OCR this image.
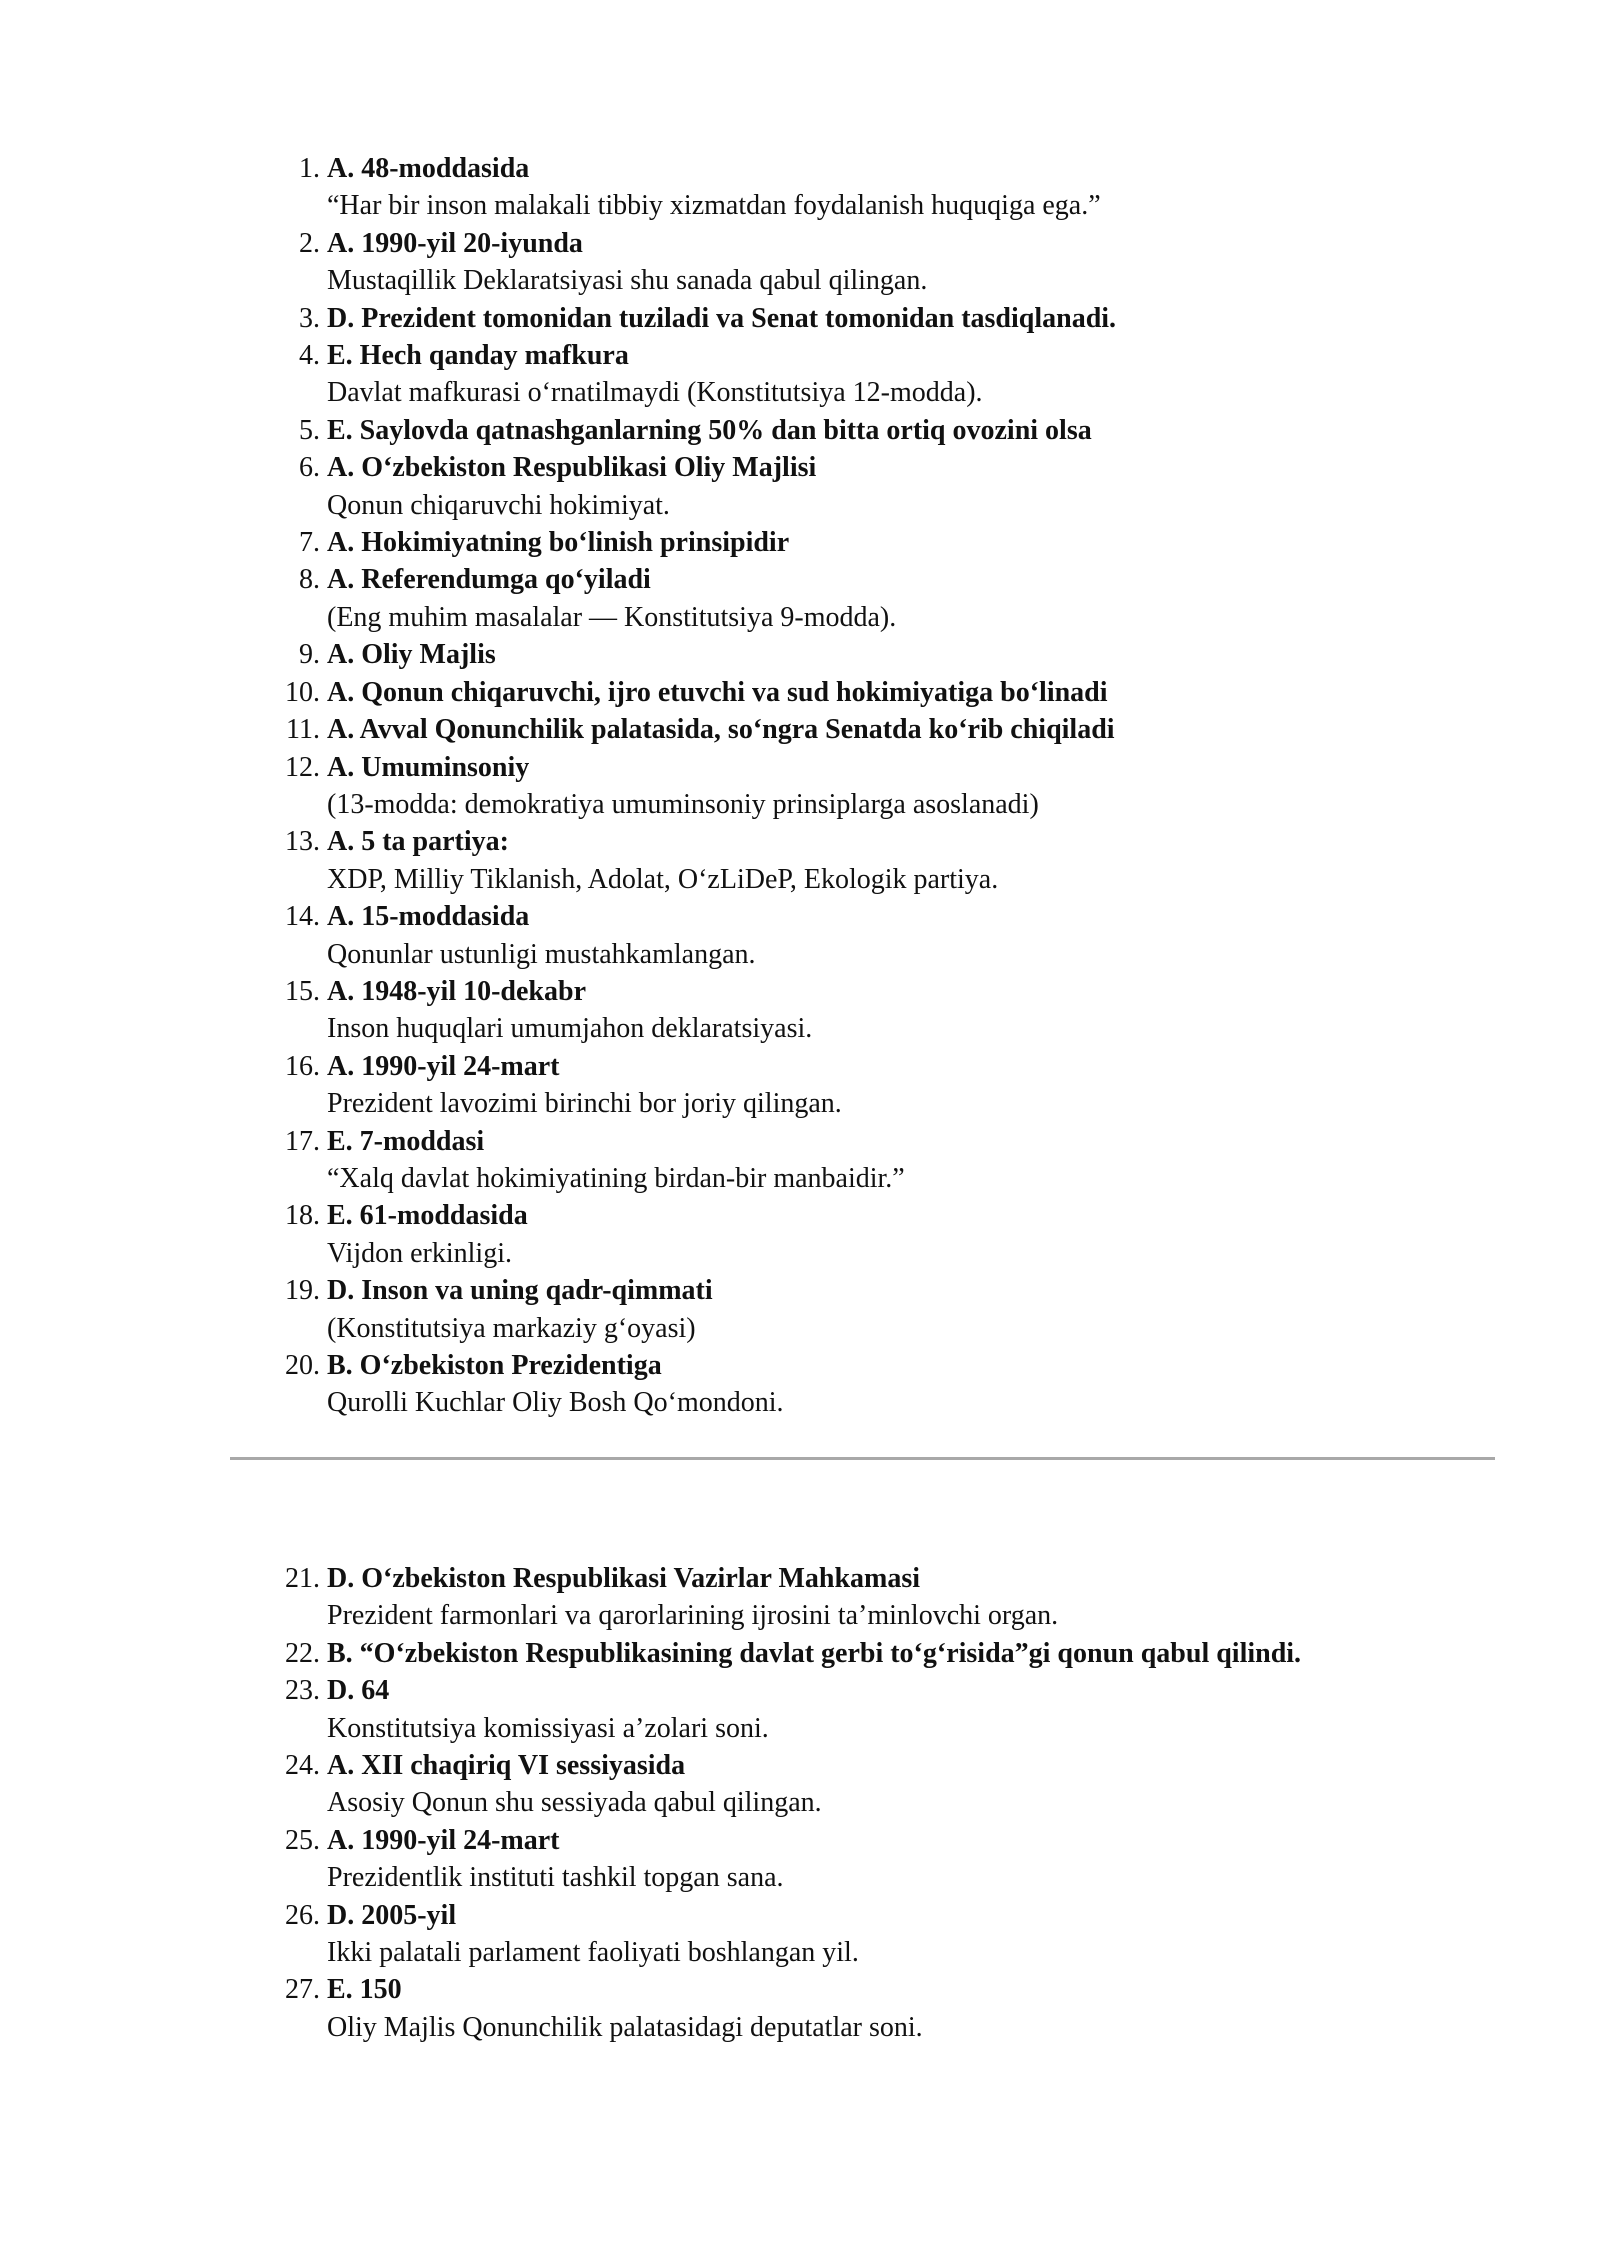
1. A. 48-moddasida
“Har bir inson malakali tibbiy xizmatdan foydalanish huquqiga ega.”
2. A. 1990-yil 20-iyunda
Mustaqillik Deklaratsiyasi shu sanada qabul qilingan.
3. D. Prezident tomonidan tuziladi va Senat tomonidan tasdiqlanadi.
4. E. Hech qanday mafkura
Davlat mafkurasi o‘rnatilmaydi (Konstitutsiya 12-modda).
5. E. Saylovda qatnashganlarning 50% dan bitta ortiq ovozini olsa
6. A. O‘zbekiston Respublikasi Oliy Majlisi
Qonun chiqaruvchi hokimiyat.
7. A. Hokimiyatning bo‘linish prinsipidir
8. A. Referendumga qo‘yiladi
(Eng muhim masalalar — Konstitutsiya 9-modda).
9. A. Oliy Majlis
10. A. Qonun chiqaruvchi, ijro etuvchi va sud hokimiyatiga bo‘linadi
11. A. Avval Qonunchilik palatasida, so‘ngra Senatda ko‘rib chiqiladi
12. A. Umuminsoniy
(13-modda: demokratiya umuminsoniy prinsiplarga asoslanadi)
13. A. 5 ta partiya:
XDP, Milliy Tiklanish, Adolat, O‘zLiDeP, Ekologik partiya.
14. A. 15-moddasida
Qonunlar ustunligi mustahkamlangan.
15. A. 1948-yil 10-dekabr
Inson huquqlari umumjahon deklaratsiyasi.
16. A. 1990-yil 24-mart
Prezident lavozimi birinchi bor joriy qilingan.
17. E. 7-moddasi
“Xalq davlat hokimiyatining birdan-bir manbaidir.”
18. E. 61-moddasida
Vijdon erkinligi.
19. D. Inson va uning qadr-qimmati
(Konstitutsiya markaziy g‘oyasi)
20. B. O‘zbekiston Prezidentiga
Qurolli Kuchlar Oliy Bosh Qo‘mondoni.
21. D. O‘zbekiston Respublikasi Vazirlar Mahkamasi
Prezident farmonlari va qarorlarining ijrosini ta’minlovchi organ.
22. B. “O‘zbekiston Respublikasining davlat gerbi to‘g‘risida”gi qonun qabul qilindi.
23. D. 64
Konstitutsiya komissiyasi a’zolari soni.
24. A. XII chaqiriq VI sessiyasida
Asosiy Qonun shu sessiyada qabul qilingan.
25. A. 1990-yil 24-mart
Prezidentlik instituti tashkil topgan sana.
26. D. 2005-yil
Ikki palatali parlament faoliyati boshlangan yil.
27. E. 150
Oliy Majlis Qonunchilik palatasidagi deputatlar soni.
